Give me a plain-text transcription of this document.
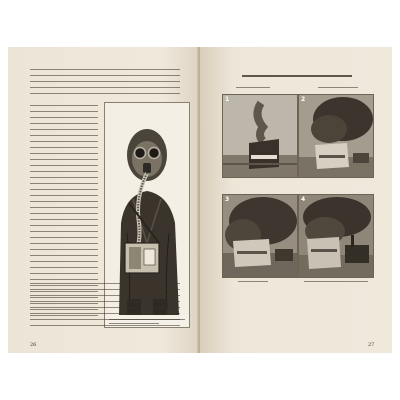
26
1	2
3	4
27
